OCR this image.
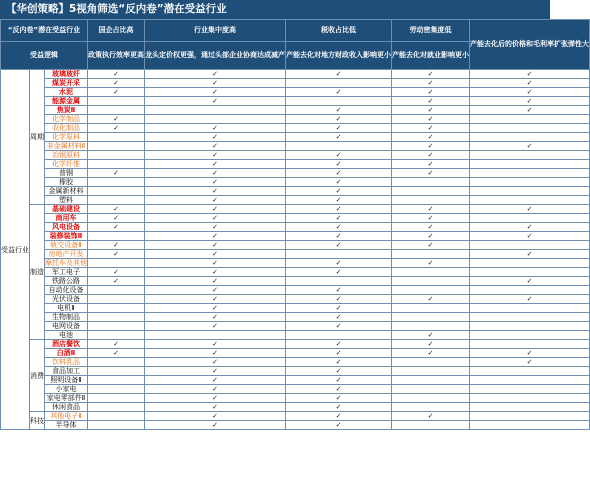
【华创策略】5视角筛选“反内卷”潜在受益行业
“反内卷”潜在受益行业			国企占比高	行业集中度高	税收占比低	劳动密集度低	产能去化后的价格和毛利率扩张弹性大
受益逻辑			政策执行效率更高	龙头定价权更强，通过头部企业协商达成减产	产能去化对地方财政收入影响更小	产能去化对就业影响更小	
受益行业	周期	玻璃玻纤	✓	✓	✓	✓	✓
		煤炭开采	✓	✓		✓	✓
		水泥	✓	✓	✓	✓	✓
		能源金属		✓		✓	✓
		焦炭Ⅱ			✓	✓	✓
		化学制品	✓		✓	✓	
		农化制品	✓	✓	✓	✓	
		化学原料		✓	✓	✓	
		非金属材料Ⅱ		✓		✓	✓
		冶钢原料		✓	✓	✓	
		化学纤维		✓	✓	✓	
		普钢	✓	✓	✓	✓	
		橡胶		✓	✓		
		金属新材料		✓	✓		
		塑料		✓	✓		
	制造	基础建设	✓	✓	✓	✓	✓
		商用车	✓	✓	✓	✓	
		风电设备	✓	✓	✓	✓	✓
		装修装饰Ⅱ		✓	✓	✓	✓
		轨交设备Ⅱ	✓	✓	✓	✓	
		房地产开发	✓	✓			✓
		摩托车及其他		✓	✓	✓	
		军工电子	✓	✓	✓		
		铁路公路	✓	✓			✓
		自动化设备		✓	✓		
		光伏设备		✓	✓	✓	✓
		电机Ⅱ		✓	✓		
		生物制品		✓	✓		
		电网设备		✓	✓		
		电池				✓	
	消费	酒店餐饮	✓	✓	✓	✓	
		白酒Ⅱ	✓	✓	✓	✓	✓
		饮料乳品		✓	✓		✓
		食品加工		✓	✓		
		照明设备Ⅱ		✓	✓		
		小家电		✓	✓		
		家电零部件Ⅱ		✓	✓		
		休闲食品		✓	✓		
	科技	其他电子Ⅱ		✓	✓	✓	
		半导体		✓	✓		
